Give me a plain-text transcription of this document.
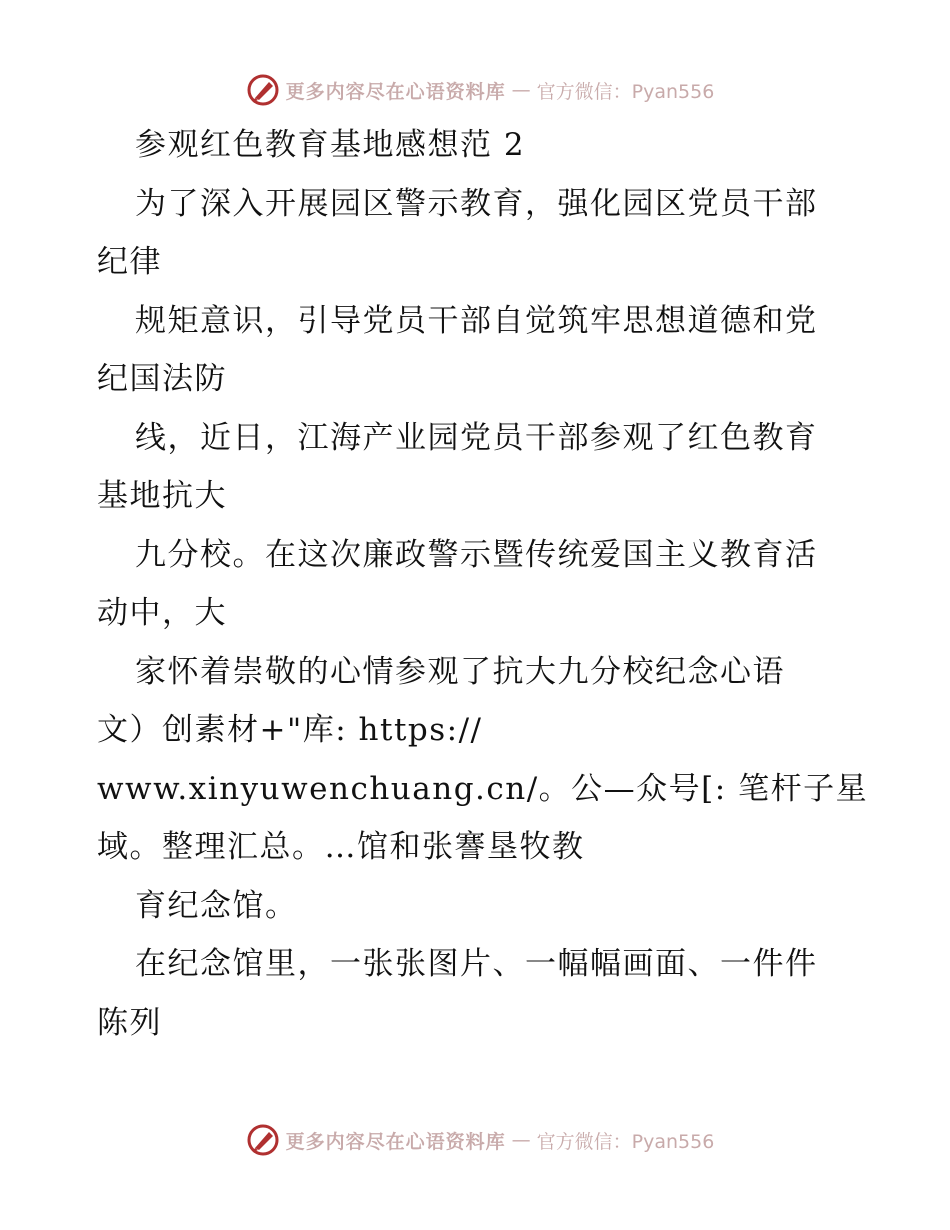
更多内容尽在心语资料库 — 官方微信：Pyan556
参观红色教育基地感想范 2
为了深入开展园区警示教育，强化园区党员干部
纪律
规矩意识，引导党员干部自觉筑牢思想道德和党
纪国法防
线，近日，江海产业园党员干部参观了红色教育
基地抗大
九分校。在这次廉政警示暨传统爱国主义教育活
动中，大
家怀着崇敬的心情参观了抗大九分校纪念心语
文）创素材+"库: https://
www.xinyuwenchuang.cn/。公—众号[: 笔杆子星
域。整理汇总。…馆和张謇垦牧教
育纪念馆。
在纪念馆里，一张张图片、一幅幅画面、一件件
陈列
更多内容尽在心语资料库 — 官方微信：Pyan556
